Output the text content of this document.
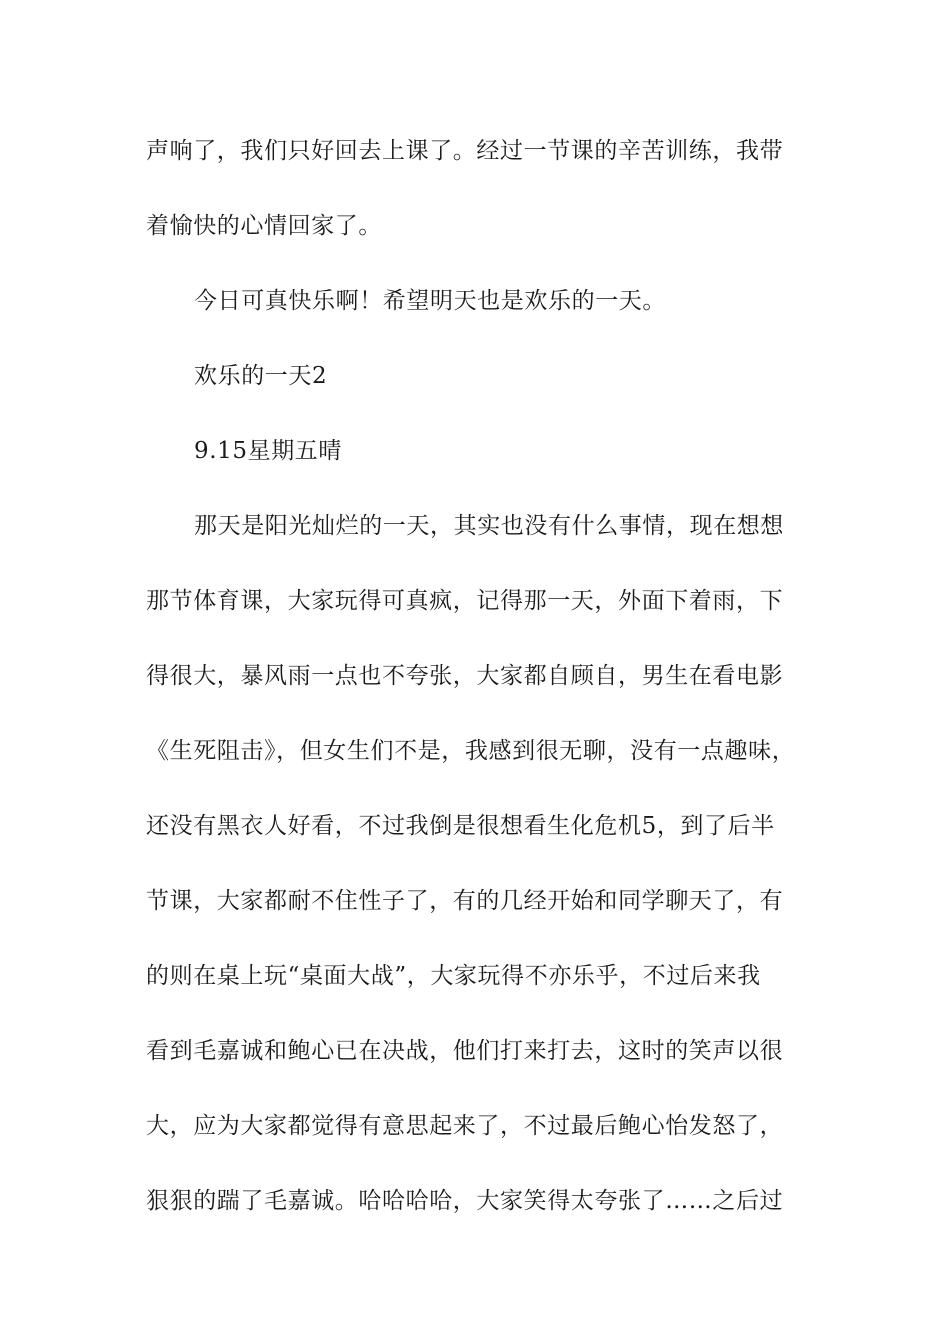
声响了，我们只好回去上课了。经过一节课的辛苦训练，我带
着愉快的心情回家了。
今日可真快乐啊！希望明天也是欢乐的一天。
欢乐的一天2
9.15星期五晴
那天是阳光灿烂的一天，其实也没有什么事情，现在想想
那节体育课，大家玩得可真疯，记得那一天，外面下着雨，下
得很大，暴风雨一点也不夸张，大家都自顾自，男生在看电影
《生死阻击》，但女生们不是，我感到很无聊，没有一点趣味，
还没有黑衣人好看，不过我倒是很想看生化危机5，到了后半
节课，大家都耐不住性子了，有的几经开始和同学聊天了，有
的则在桌上玩“桌面大战”，大家玩得不亦乐乎，不过后来我
看到毛嘉诚和鲍心已在决战，他们打来打去，这时的笑声以很
大，应为大家都觉得有意思起来了，不过最后鲍心怡发怒了，
狠狠的踹了毛嘉诚。哈哈哈哈，大家笑得太夸张了……之后过
